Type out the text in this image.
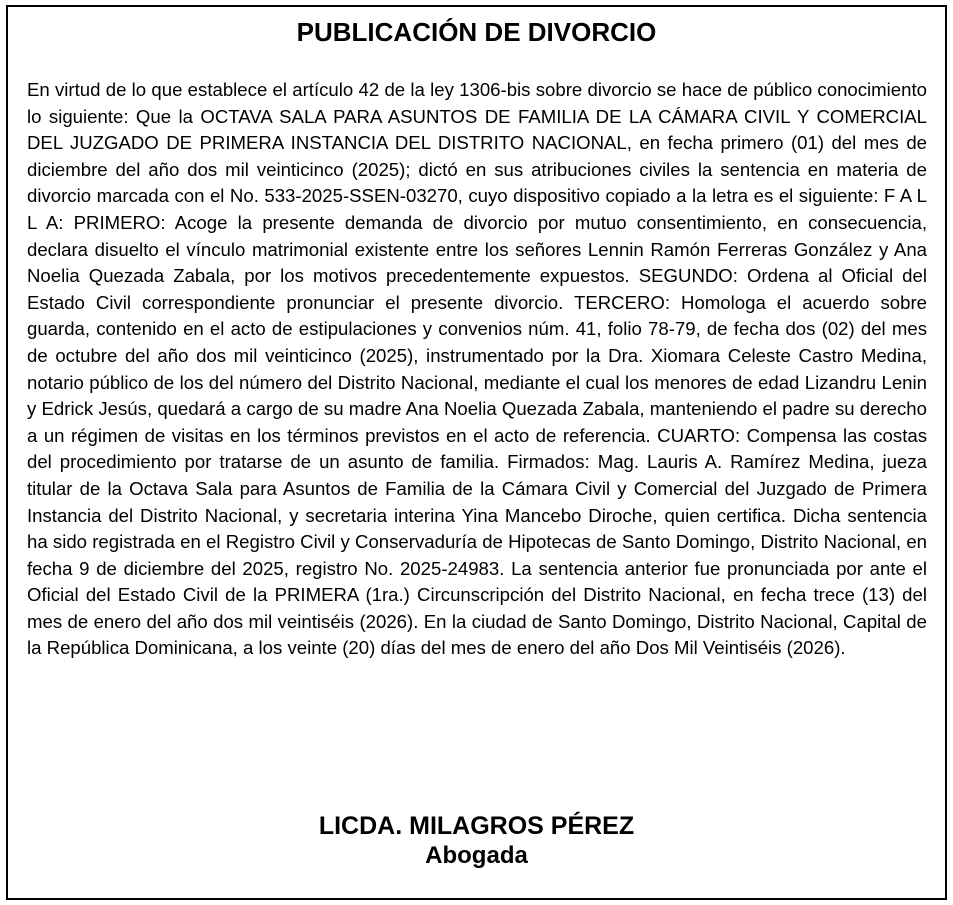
PUBLICACIÓN DE DIVORCIO

En virtud de lo que establece el artículo 42 de la ley 1306-bis sobre divorcio se hace de público conocimiento lo siguiente: Que la OCTAVA SALA PARA ASUNTOS DE FAMILIA DE LA CÁMARA CIVIL Y COMERCIAL DEL JUZGADO DE PRIMERA INSTANCIA DEL DISTRITO NACIONAL, en fecha primero (01) del mes de diciembre del año dos mil veinticinco (2025); dictó en sus atribuciones civiles la sentencia en materia de divorcio marcada con el No. 533-2025-SSEN-03270, cuyo dispositivo copiado a la letra es el siguiente: F A L L A: PRIMERO: Acoge la presente demanda de divorcio por mutuo consentimiento, en consecuencia, declara disuelto el vínculo matrimonial existente entre los señores Lennin Ramón Ferreras González y Ana Noelia Quezada Zabala, por los motivos precedentemente expuestos. SEGUNDO: Ordena al Oficial del Estado Civil correspondiente pronunciar el presente divorcio. TERCERO: Homologa el acuerdo sobre guarda, contenido en el acto de estipulaciones y convenios núm. 41, folio 78-79, de fecha dos (02) del mes de octubre del año dos mil veinticinco (2025), instrumentado por la Dra. Xiomara Celeste Castro Medina, notario público de los del número del Distrito Nacional, mediante el cual los menores de edad Lizandru Lenin y Edrick Jesús, quedará a cargo de su madre Ana Noelia Quezada Zabala, manteniendo el padre su derecho a un régimen de visitas en los términos previstos en el acto de referencia. CUARTO: Compensa las costas del procedimiento por tratarse de un asunto de familia. Firmados: Mag. Lauris A. Ramírez Medina, jueza titular de la Octava Sala para Asuntos de Familia de la Cámara Civil y Comercial del Juzgado de Primera Instancia del Distrito Nacional, y secretaria interina Yina Mancebo Diroche, quien certifica. Dicha sentencia ha sido registrada en el Registro Civil y Conservaduría de Hipotecas de Santo Domingo, Distrito Nacional, en fecha 9 de diciembre del 2025, registro No. 2025-24983. La sentencia anterior fue pronunciada por ante el Oficial del Estado Civil de la PRIMERA (1ra.) Circunscripción del Distrito Nacional, en fecha trece (13) del mes de enero del año dos mil veintiséis (2026). En la ciudad de Santo Domingo, Distrito Nacional, Capital de la República Dominicana, a los veinte (20) días del mes de enero del año Dos Mil Veintiséis (2026).

LICDA. MILAGROS PÉREZ
Abogada
